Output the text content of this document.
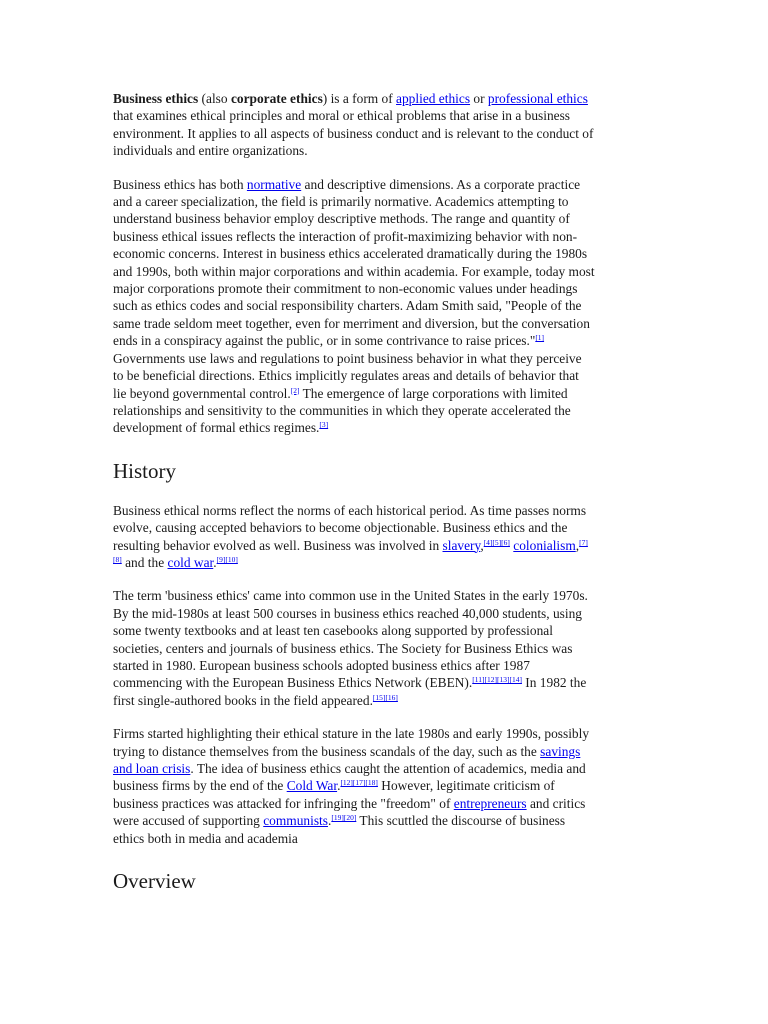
Business ethics (also corporate ethics) is a form of applied ethics or professional ethics
that examines ethical principles and moral or ethical problems that arise in a business
environment. It applies to all aspects of business conduct and is relevant to the conduct of
individuals and entire organizations.

Business ethics has both normative and descriptive dimensions. As a corporate practice
and a career specialization, the field is primarily normative. Academics attempting to
understand business behavior employ descriptive methods. The range and quantity of
business ethical issues reflects the interaction of profit-maximizing behavior with non-
economic concerns. Interest in business ethics accelerated dramatically during the 1980s
and 1990s, both within major corporations and within academia. For example, today most
major corporations promote their commitment to non-economic values under headings
such as ethics codes and social responsibility charters. Adam Smith said, "People of the
same trade seldom meet together, even for merriment and diversion, but the conversation
ends in a conspiracy against the public, or in some contrivance to raise prices."[1]
Governments use laws and regulations to point business behavior in what they perceive
to be beneficial directions. Ethics implicitly regulates areas and details of behavior that
lie beyond governmental control.[2] The emergence of large corporations with limited
relationships and sensitivity to the communities in which they operate accelerated the
development of formal ethics regimes.[3]

History

Business ethical norms reflect the norms of each historical period. As time passes norms
evolve, causing accepted behaviors to become objectionable. Business ethics and the
resulting behavior evolved as well. Business was involved in slavery,[4][5][6] colonialism,[7]
[8] and the cold war.[9][10]

The term 'business ethics' came into common use in the United States in the early 1970s.
By the mid-1980s at least 500 courses in business ethics reached 40,000 students, using
some twenty textbooks and at least ten casebooks along supported by professional
societies, centers and journals of business ethics. The Society for Business Ethics was
started in 1980. European business schools adopted business ethics after 1987
commencing with the European Business Ethics Network (EBEN).[11][12][13][14] In 1982 the
first single-authored books in the field appeared.[15][16]

Firms started highlighting their ethical stature in the late 1980s and early 1990s, possibly
trying to distance themselves from the business scandals of the day, such as the savings
and loan crisis. The idea of business ethics caught the attention of academics, media and
business firms by the end of the Cold War.[12][17][18] However, legitimate criticism of
business practices was attacked for infringing the "freedom" of entrepreneurs and critics
were accused of supporting communists.[19][20] This scuttled the discourse of business
ethics both in media and academia

Overview
